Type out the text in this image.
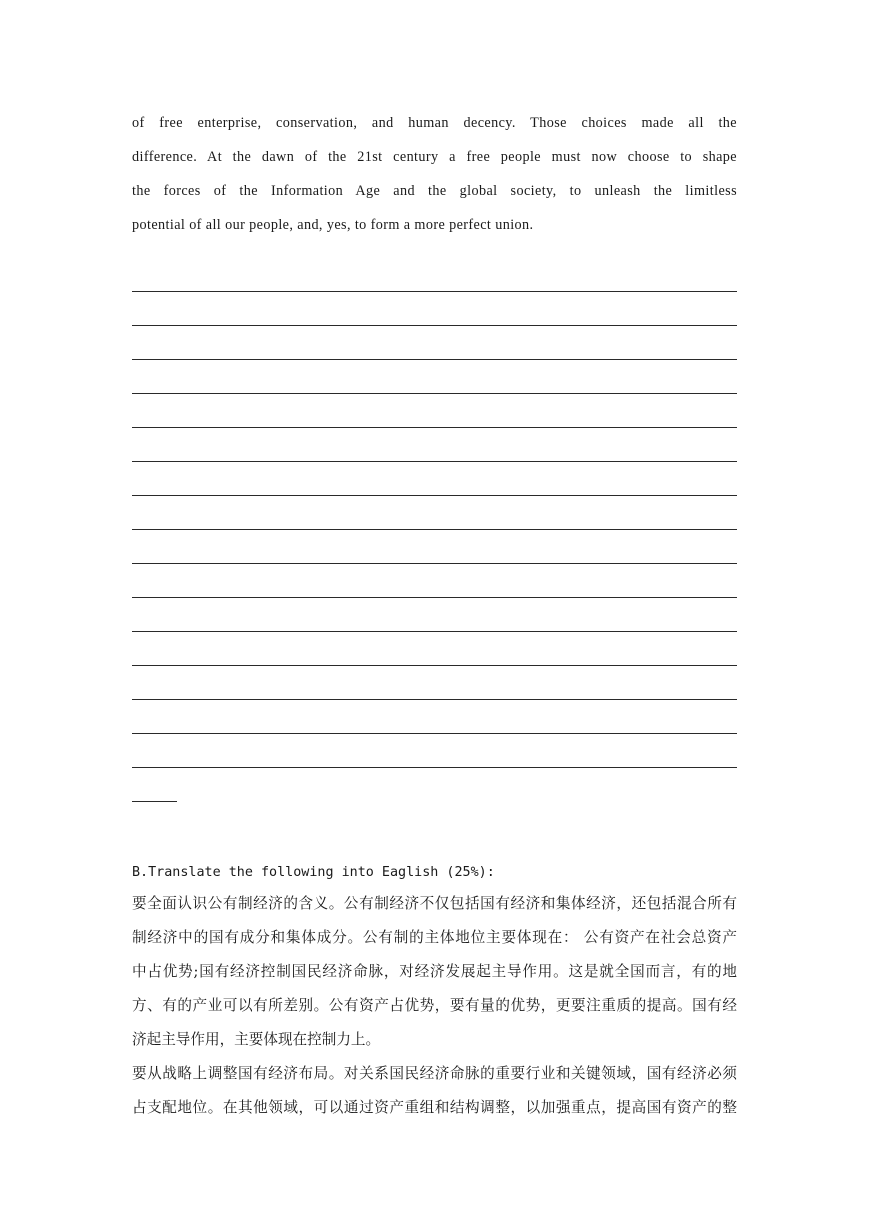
of free enterprise, conservation, and human decency. Those choices made all the
difference. At the dawn of the 21st century a free people must now choose to shape
the forces of the Information Age and the global society, to unleash the limitless
potential of all our people, and, yes, to form a more perfect union.

B.Translate the following into Eaglish (25%):

要全面认识公有制经济的含义。公有制经济不仅包括国有经济和集体经济，还包括混合所有
制经济中的国有成分和集体成分。公有制的主体地位主要体现在： 公有资产在社会总资产
中占优势;国有经济控制国民经济命脉，对经济发展起主导作用。这是就全国而言，有的地
方、有的产业可以有所差别。公有资产占优势，要有量的优势，更要注重质的提高。国有经
济起主导作用，主要体现在控制力上。

要从战略上调整国有经济布局。对关系国民经济命脉的重要行业和关键领域，国有经济必须
占支配地位。在其他领域，可以通过资产重组和结构调整，以加强重点，提高国有资产的整
